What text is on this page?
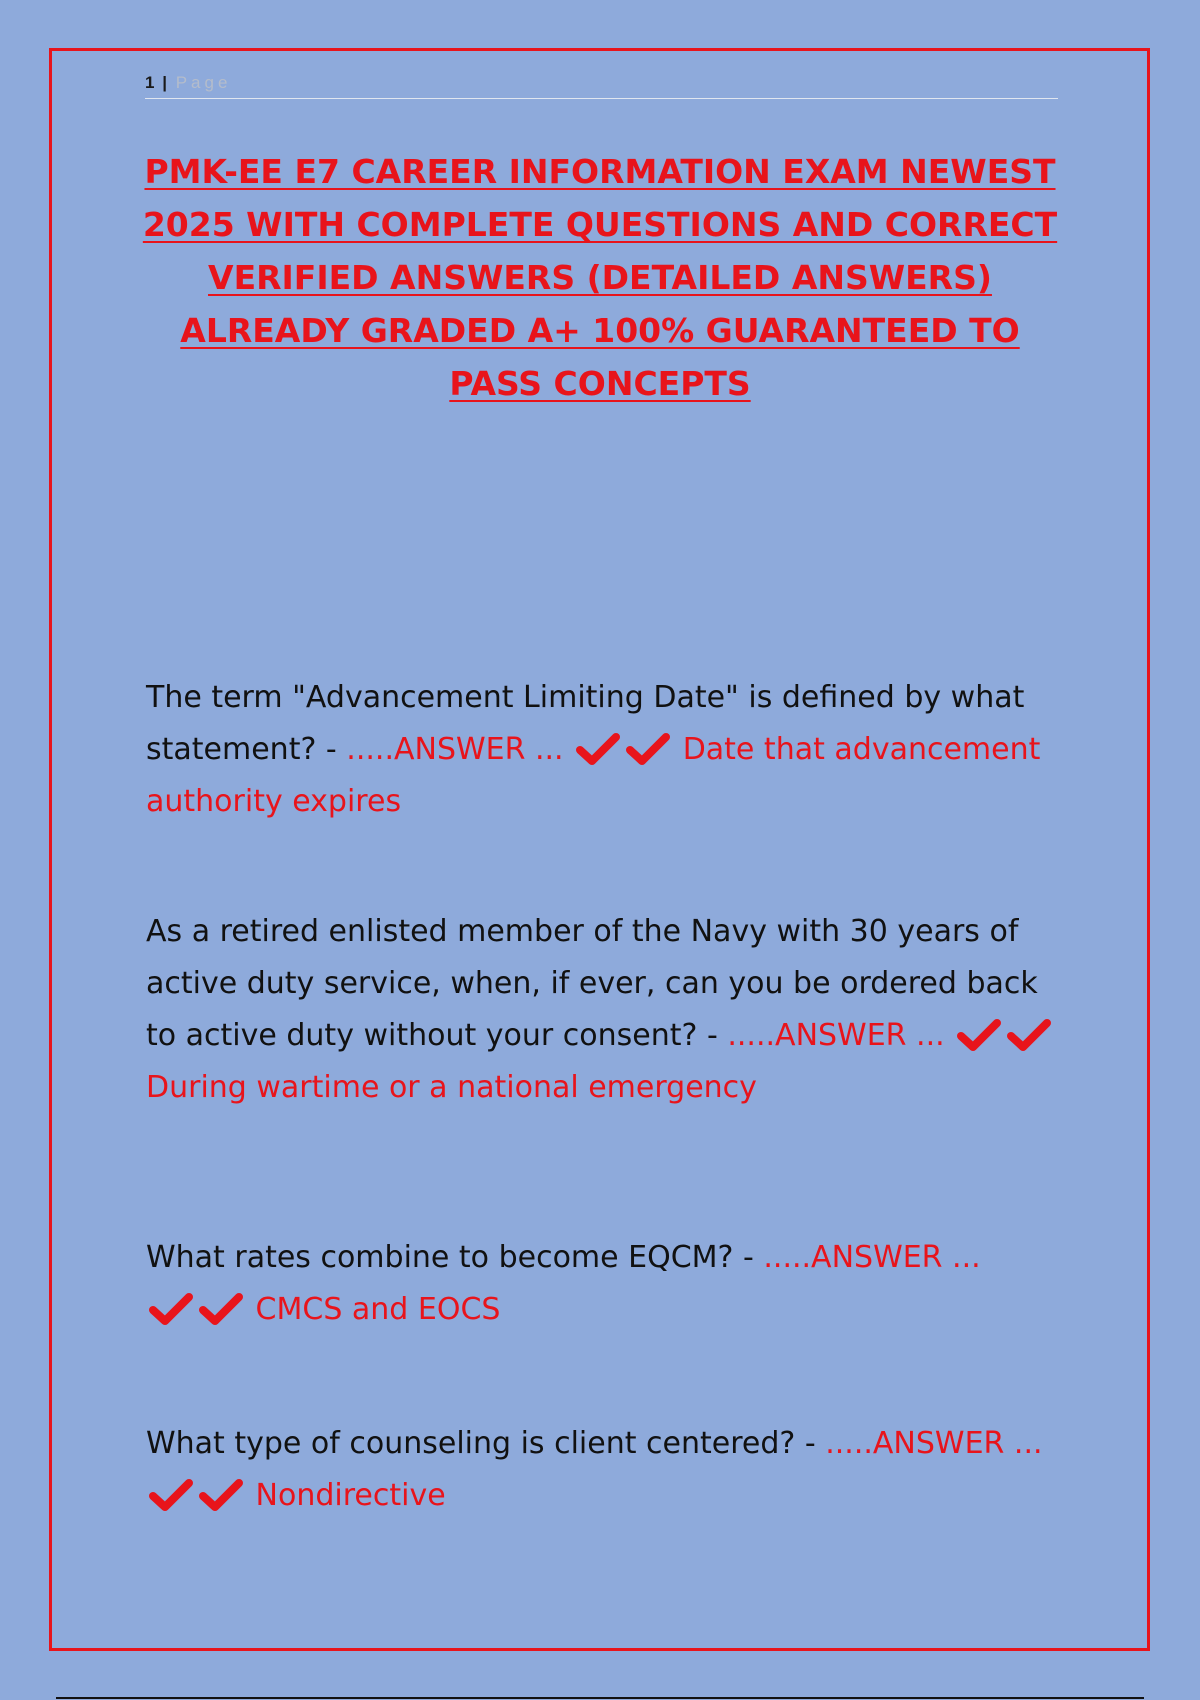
1 | Page
PMK-EE E7 CAREER INFORMATION EXAM NEWEST 2025 WITH COMPLETE QUESTIONS AND CORRECT VERIFIED ANSWERS (DETAILED ANSWERS) ALREADY GRADED A+ 100% GUARANTEED TO PASS CONCEPTS

The term "Advancement Limiting Date" is defined by what statement? - .....ANSWER ...	Date that advancement authority expires

As a retired enlisted member of the Navy with 30 years of active duty service, when, if ever, can you be ordered back to active duty without your consent? - .....ANSWER ...  During wartime or a national emergency

What rates combine to become EQCM? - .....ANSWER ...  CMCS and EOCS

What type of counseling is client centered? - .....ANSWER ...  Nondirective
